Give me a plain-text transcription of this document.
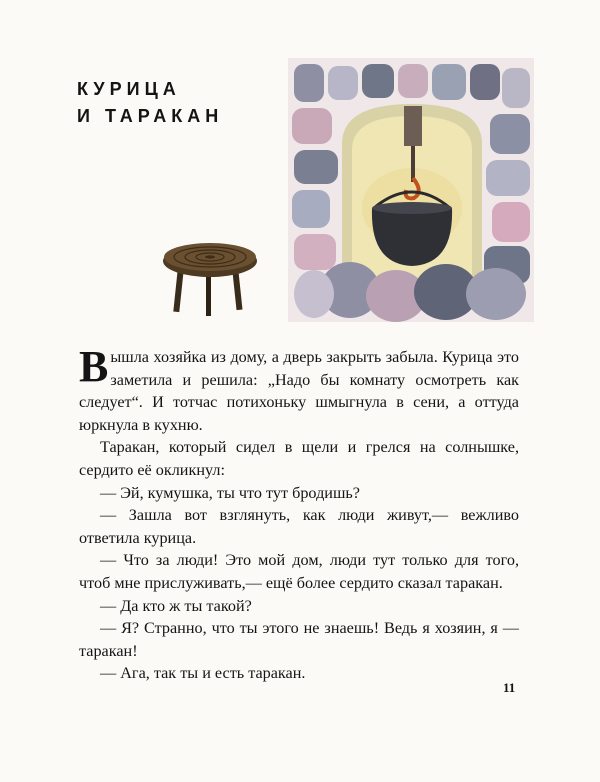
КУРИЦА
И ТАРАКАН

Вышла хозяйка из дому, а дверь закрыть забыла. Курица это заметила и решила: „Надо бы комнату осмотреть как следует“. И тотчас потихоньку шмыгнула в сени, а оттуда юркнула в кухню.

Таракан, который сидел в щели и грелся на солнышке, сердито её окликнул:

— Эй, кумушка, ты что тут бродишь?

— Зашла вот взглянуть, как люди живут,— вежливо ответила курица.

— Что за люди! Это мой дом, люди тут только для того, чтоб мне прислуживать,— ещё более сердито сказал таракан.

— Да кто ж ты такой?

— Я? Странно, что ты этого не знаешь! Ведь я хозяин, я — таракан!

— Ага, так ты и есть таракан.

11
